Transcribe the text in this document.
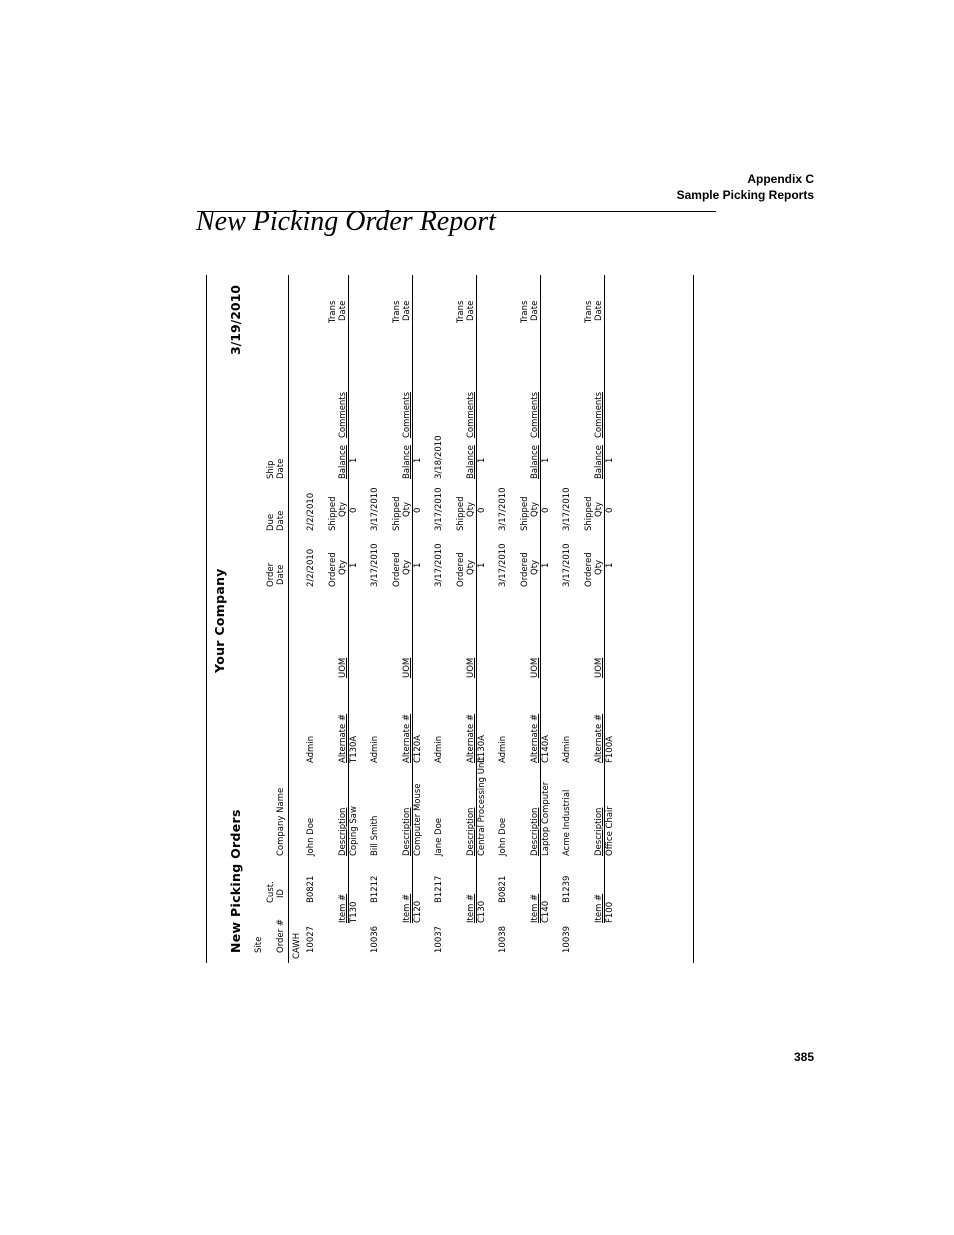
Appendix C
Sample Picking Reports
New Picking Order Report
New Picking Orders
Your Company
3/19/2010
Site Order #
Cust. ID
Company Name
Order Date
Due Date
Ship Date
CAWH 10027
B0821
John Doe
Admin
2/2/2010
2/2/2010
Ordered
Shipped
Trans
Item #
Description
Alternate #
UOM
Qty
Qty
Balance
Comments
Date
T130
Coping Saw
T130A
1
0
1
10036
B1212
Bill Smith
Admin
3/17/2010
3/17/2010
Ordered
Shipped
Trans
Item #
Description
Alternate #
UOM
Qty
Qty
Balance
Comments
Date
C120
Computer Mouse
C120A
1
0
1
10037
B1217
Jane Doe
Admin
3/17/2010
3/17/2010
3/18/2010
Ordered
Shipped
Trans
Item #
Description
Alternate #
UOM
Qty
Qty
Balance
Comments
Date
C130
Central Processing Unit
C130A
1
0
1
10038
B0821
John Doe
Admin
3/17/2010
3/17/2010
Ordered
Shipped
Trans
Item #
Description
Alternate #
UOM
Qty
Qty
Balance
Comments
Date
C140
Laptop Computer
C140A
1
0
1
10039
B1239
Acme Industrial
Admin
3/17/2010
3/17/2010
Ordered
Shipped
Trans
Item #
Description
Alternate #
UOM
Qty
Qty
Balance
Comments
Date
F100
Office Chair
F100A
1
0
1
385
